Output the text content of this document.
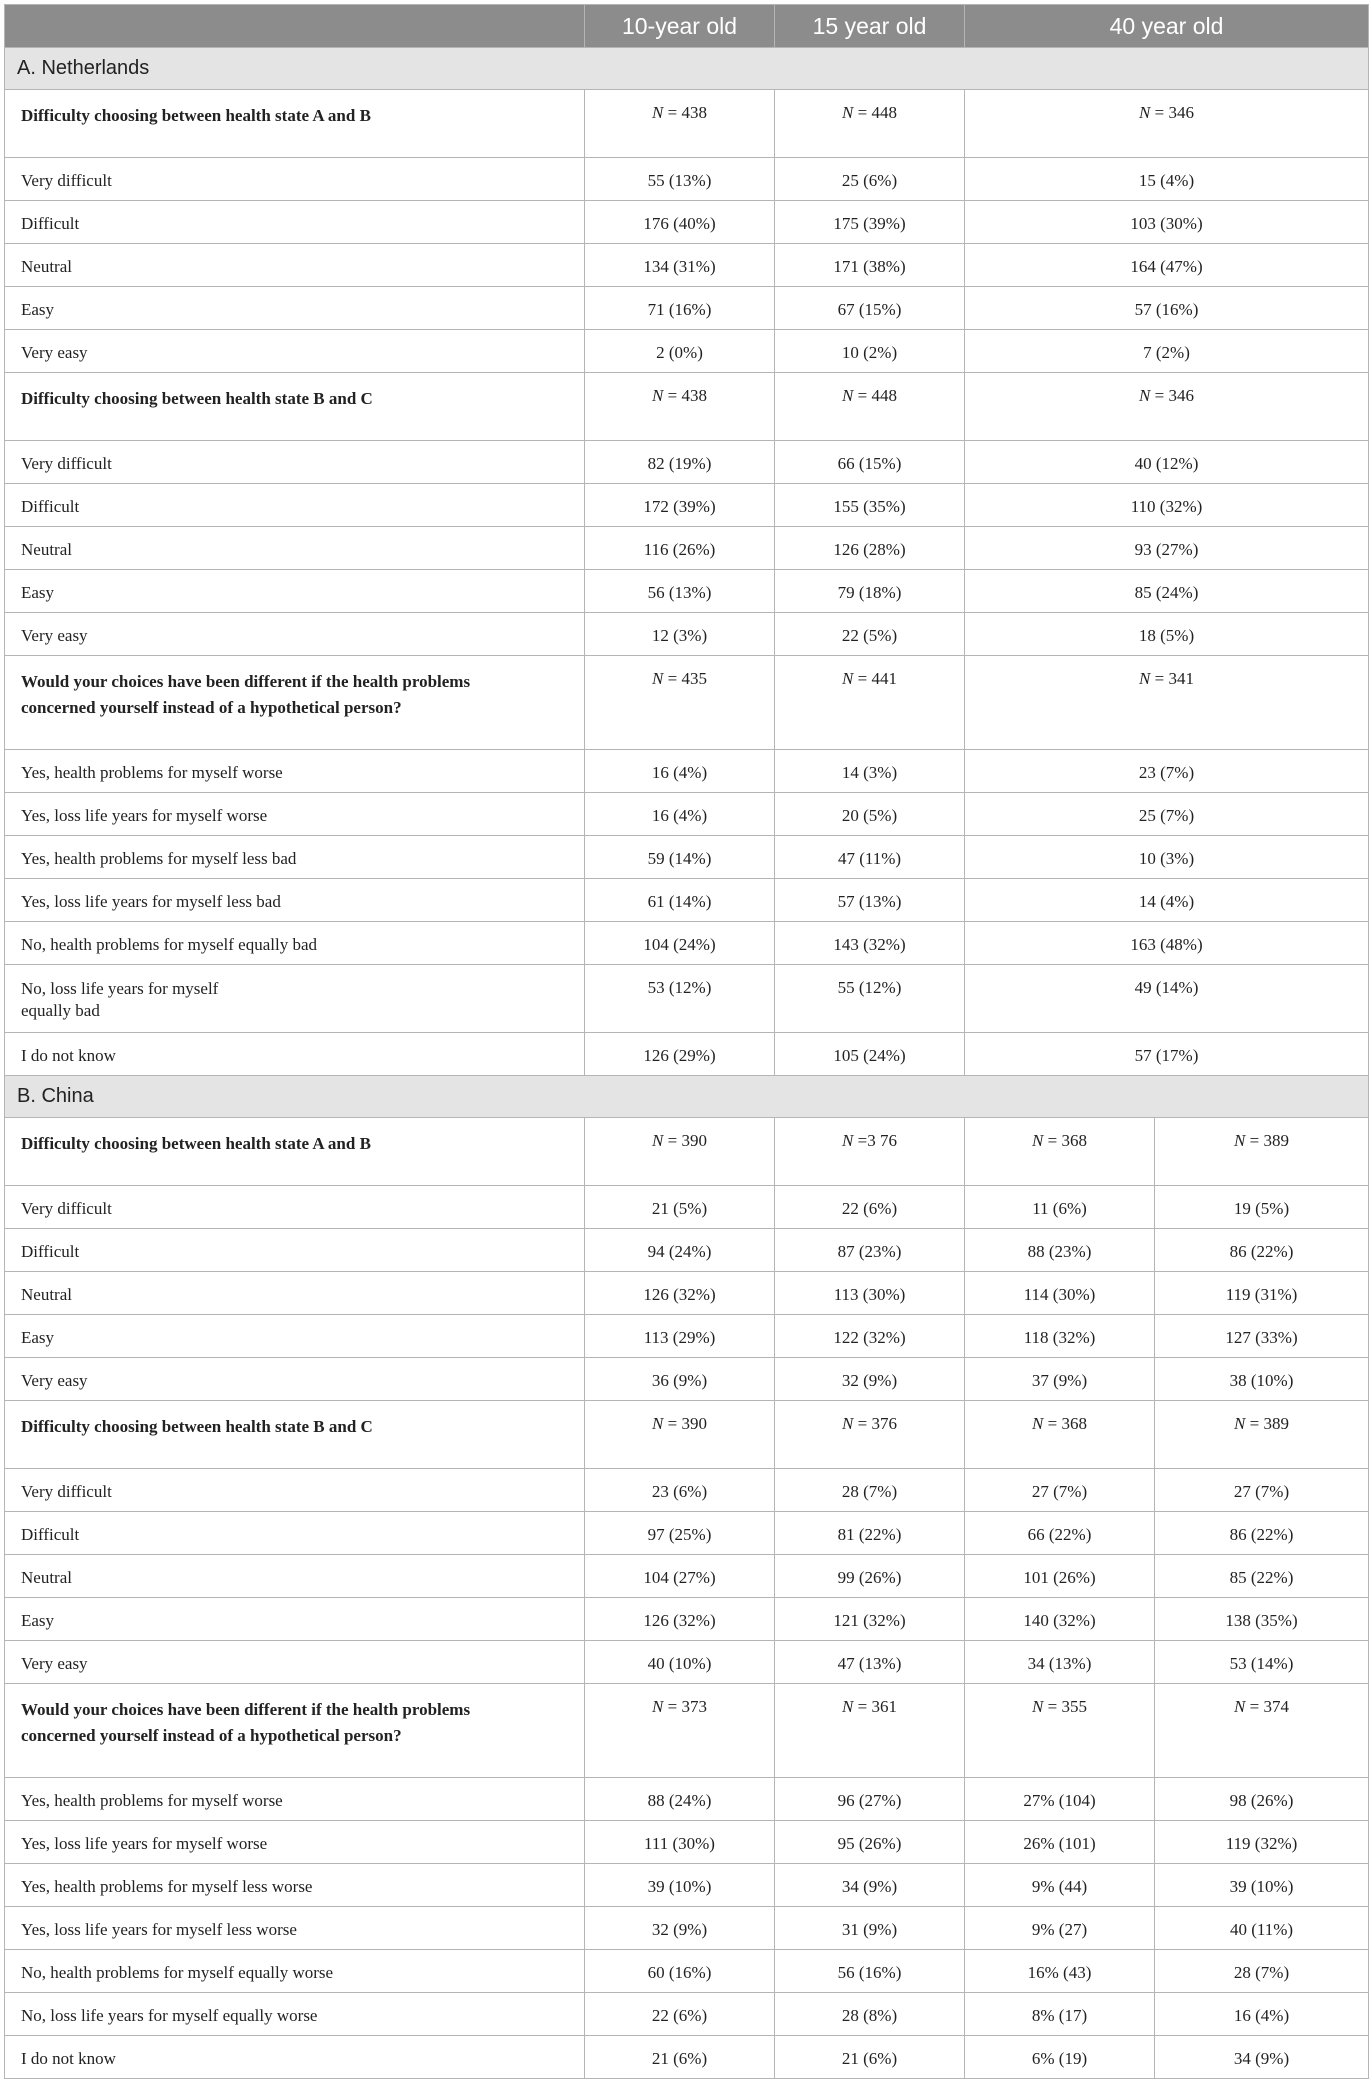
	10-year old	15 year old	40 year old	
A. Netherlands				
Difficulty choosing between health state A and B	N = 438	N = 448	N = 346	
Very difficult	55 (13%)	25 (6%)	15 (4%)	
Difficult	176 (40%)	175 (39%)	103 (30%)	
Neutral	134 (31%)	171 (38%)	164 (47%)	
Easy	71 (16%)	67 (15%)	57 (16%)	
Very easy	2 (0%)	10 (2%)	7 (2%)	
Difficulty choosing between health state B and C	N = 438	N = 448	N = 346	
Very difficult	82 (19%)	66 (15%)	40 (12%)	
Difficult	172 (39%)	155 (35%)	110 (32%)	
Neutral	116 (26%)	126 (28%)	93 (27%)	
Easy	56 (13%)	79 (18%)	85 (24%)	
Very easy	12 (3%)	22 (5%)	18 (5%)	
Would your choices have been different if the health problems concerned yourself instead of a hypothetical person?	N = 435	N = 441	N = 341	
Yes, health problems for myself worse	16 (4%)	14 (3%)	23 (7%)	
Yes, loss life years for myself worse	16 (4%)	20 (5%)	25 (7%)	
Yes, health problems for myself less bad	59 (14%)	47 (11%)	10 (3%)	
Yes, loss life years for myself less bad	61 (14%)	57 (13%)	14 (4%)	
No, health problems for myself equally bad	104 (24%)	143 (32%)	163 (48%)	
No, loss life years for myself equally bad	53 (12%)	55 (12%)	49 (14%)	
I do not know	126 (29%)	105 (24%)	57 (17%)	
B. China				
Difficulty choosing between health state A and B	N = 390	N =3 76	N = 368	N = 389
Very difficult	21 (5%)	22 (6%)	11 (6%)	19 (5%)
Difficult	94 (24%)	87 (23%)	88 (23%)	86 (22%)
Neutral	126 (32%)	113 (30%)	114 (30%)	119 (31%)
Easy	113 (29%)	122 (32%)	118 (32%)	127 (33%)
Very easy	36 (9%)	32 (9%)	37 (9%)	38 (10%)
Difficulty choosing between health state B and C	N = 390	N = 376	N = 368	N = 389
Very difficult	23 (6%)	28 (7%)	27 (7%)	27 (7%)
Difficult	97 (25%)	81 (22%)	66 (22%)	86 (22%)
Neutral	104 (27%)	99 (26%)	101 (26%)	85 (22%)
Easy	126 (32%)	121 (32%)	140 (32%)	138 (35%)
Very easy	40 (10%)	47 (13%)	34 (13%)	53 (14%)
Would your choices have been different if the health problems concerned yourself instead of a hypothetical person?	N = 373	N = 361	N = 355	N = 374
Yes, health problems for myself worse	88 (24%)	96 (27%)	27% (104)	98 (26%)
Yes, loss life years for myself worse	111 (30%)	95 (26%)	26% (101)	119 (32%)
Yes, health problems for myself less worse	39 (10%)	34 (9%)	9% (44)	39 (10%)
Yes, loss life years for myself less worse	32 (9%)	31 (9%)	9% (27)	40 (11%)
No, health problems for myself equally worse	60 (16%)	56 (16%)	16% (43)	28 (7%)
No, loss life years for myself equally worse	22 (6%)	28 (8%)	8% (17)	16 (4%)
I do not know	21 (6%)	21 (6%)	6% (19)	34 (9%)
